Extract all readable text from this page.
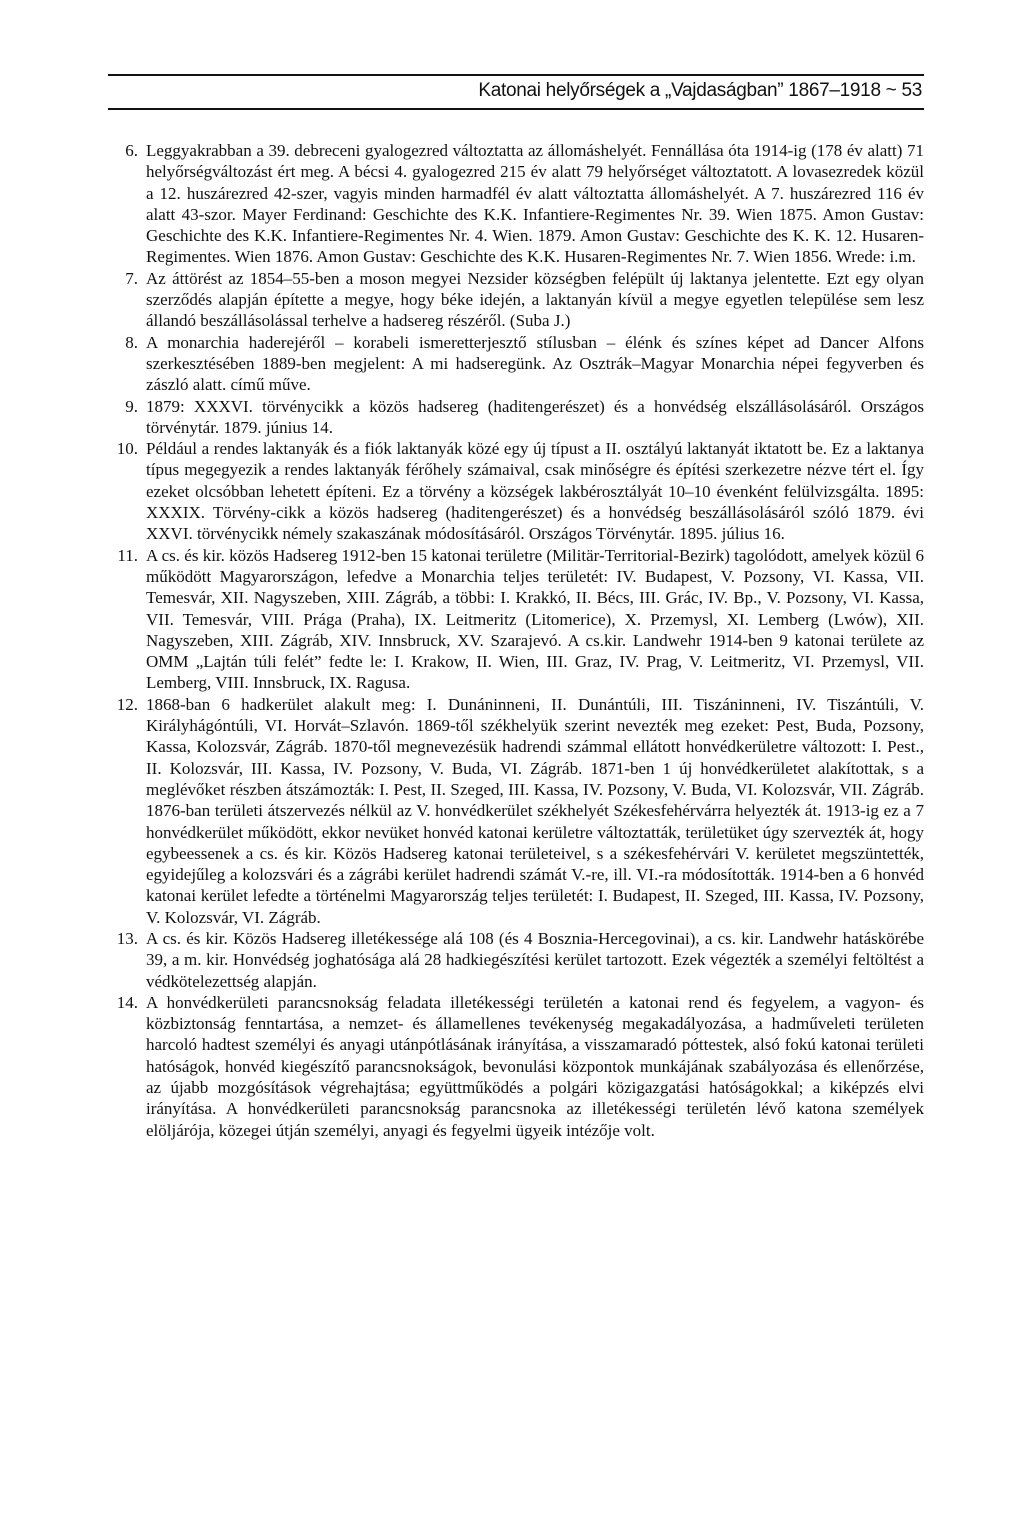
Katonai helyőrségek a „Vajdaságban” 1867–1918 ~ 53
6. Leggyakrabban a 39. debreceni gyalogezred változtatta az állomáshelyét. Fennállása óta 1914-ig (178 év alatt) 71 helyőrségváltozást ért meg. A bécsi 4. gyalogezred 215 év alatt 79 helyőrséget változtatott. A lovasezredek közül a 12. huszárezred 42-szer, vagyis minden harmadfél év alatt változtatta állomáshelyét. A 7. huszárezred 116 év alatt 43-szor. Mayer Ferdinand: Geschichte des K.K. Infantiere-Regimentes Nr. 39. Wien 1875. Amon Gustav: Geschichte des K.K. Infantiere-Regimentes Nr. 4. Wien. 1879. Amon Gustav: Geschichte des K. K. 12. Husaren-Regimentes. Wien 1876. Amon Gustav: Geschichte des K.K. Husaren-Regimentes Nr. 7. Wien 1856. Wrede: i.m.
7. Az áttörést az 1854–55-ben a moson megyei Nezsider községben felépült új laktanya jelentette. Ezt egy olyan szerződés alapján építette a megye, hogy béke idején, a laktanyán kívül a megye egyetlen települése sem lesz állandó beszállásolással terhelve a hadsereg részéről. (Suba J.)
8. A monarchia haderejéről – korabeli ismeretterjesztő stílusban – élénk és színes képet ad Dancer Alfons szerkesztésében 1889-ben megjelent: A mi hadseregünk. Az Osztrák–Magyar Monarchia népei fegyverben és zászló alatt. című műve.
9. 1879: XXXVI. törvénycikk a közös hadsereg (haditengerészet) és a honvédség elszállásolásáról. Országos törvénytár. 1879. június 14.
10. Például a rendes laktanyák és a fiók laktanyák közé egy új típust a II. osztályú laktanyát iktatott be. Ez a laktanya típus megegyezik a rendes laktanyák férőhely számaival, csak minőségre és építési szerkezetre nézve tért el. Így ezeket olcsóbban lehetett építeni. Ez a törvény a községek lakbérosztályát 10–10 évenként felülvizsgálta. 1895: XXXIX. Törvény-cikk a közös hadsereg (haditengerészet) és a honvédség beszállásolásáról szóló 1879. évi XXVI. törvénycikk némely szakaszának módosításáról. Országos Törvénytár. 1895. július 16.
11. A cs. és kir. közös Hadsereg 1912-ben 15 katonai területre (Militär-Territorial-Bezirk) tagolódott, amelyek közül 6 működött Magyarországon, lefedve a Monarchia teljes területét: IV. Budapest, V. Pozsony, VI. Kassa, VII. Temesvár, XII. Nagyszeben, XIII. Zágráb, a többi: I. Krakkó, II. Bécs, III. Grác, IV. Bp., V. Pozsony, VI. Kassa, VII. Temesvár, VIII. Prága (Praha), IX. Leitmeritz (Litomerice), X. Przemysl, XI. Lemberg (Lwów), XII. Nagyszeben, XIII. Zágráb, XIV. Innsbruck, XV. Szarajevó. A cs.kir. Landwehr 1914-ben 9 katonai területe az OMM „Lajtán túli felét” fedte le: I. Krakow, II. Wien, III. Graz, IV. Prag, V. Leitmeritz, VI. Przemysl, VII. Lemberg, VIII. Innsbruck, IX. Ragusa.
12. 1868-ban 6 hadkerület alakult meg: I. Dunáninneni, II. Dunántúli, III. Tiszáninneni, IV. Tiszántúli, V. Királyhágóntúli, VI. Horvát–Szlavón. 1869-től székhelyük szerint nevezték meg ezeket: Pest, Buda, Pozsony, Kassa, Kolozsvár, Zágráb. 1870-től megnevezésük hadrendi számmal ellátott honvédkerületre változott: I. Pest., II. Kolozsvár, III. Kassa, IV. Pozsony, V. Buda, VI. Zágráb. 1871-ben 1 új honvédkerületet alakítottak, s a meglévőket részben átszámozták: I. Pest, II. Szeged, III. Kassa, IV. Pozsony, V. Buda, VI. Kolozsvár, VII. Zágráb. 1876-ban területi átszervezés nélkül az V. honvédkerület székhelyét Székesfehérvárra helyezték át. 1913-ig ez a 7 honvédkerület működött, ekkor nevüket honvéd katonai kerületre változtatták, területüket úgy szervezték át, hogy egybeessenek a cs. és kir. Közös Hadsereg katonai területeivel, s a székesfehérvári V. kerületet megszüntették, egyidejűleg a kolozsvári és a zágrábi kerület hadrendi számát V.-re, ill. VI.-ra módosították. 1914-ben a 6 honvéd katonai kerület lefedte a történelmi Magyarország teljes területét: I. Budapest, II. Szeged, III. Kassa, IV. Pozsony, V. Kolozsvár, VI. Zágráb.
13. A cs. és kir. Közös Hadsereg illetékessége alá 108 (és 4 Bosznia-Hercegovinai), a cs. kir. Landwehr hatáskörébe 39, a m. kir. Honvédség joghatósága alá 28 hadkiegészítési kerület tartozott. Ezek végezték a személyi feltöltést a védkötelezettség alapján.
14. A honvédkerületi parancsnokság feladata illetékességi területén a katonai rend és fegyelem, a vagyon- és közbiztonság fenntartása, a nemzet- és államellenes tevékenység megakadályozása, a hadműveleti területen harcoló hadtest személyi és anyagi utánpótlásának irányítása, a visszamaradó póttestek, alsó fokú katonai területi hatóságok, honvéd kiegészítő parancsnokságok, bevonulási központok munkájának szabályozása és ellenőrzése, az újabb mozgósítások végrehajtása; együttműködés a polgári közigazgatási hatóságokkal; a kiképzés elvi irányítása. A honvédkerületi parancsnokság parancsnoka az illetékességi területén lévő katona személyek elöljárója, közegei útján személyi, anyagi és fegyelmi ügyeik intézője volt.
